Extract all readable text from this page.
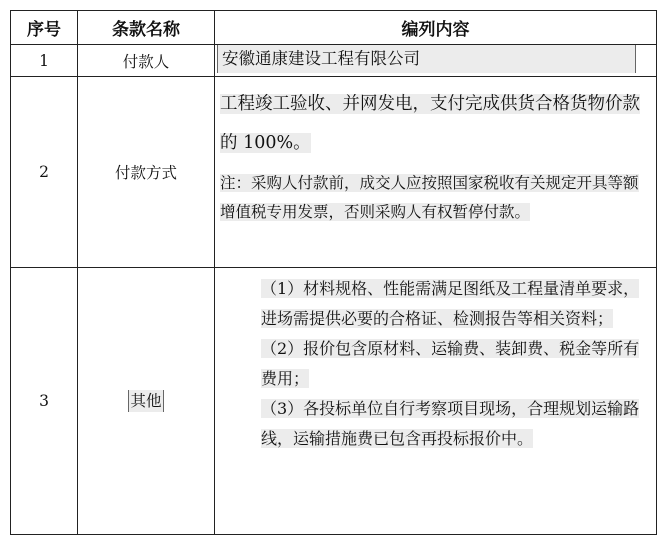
序号	条款名称	编列内容
1	付款人	安徽通康建设工程有限公司

2	付款方式	工程竣工验收、并网发电，支付完成供货合格货物价款的 100%。

注：采购人付款前，成交人应按照国家税收有关规定开具等额增值税专用发票，否则采购人有权暂停付款。

3	其他	（1）材料规格、性能需满足图纸及工程量清单要求，进场需提供必要的合格证、检测报告等相关资料；

（2）报价包含原材料、运输费、装卸费、税金等所有费用；

（3）各投标单位自行考察项目现场，合理规划运输路线，运输措施费已包含再投标报价中。
